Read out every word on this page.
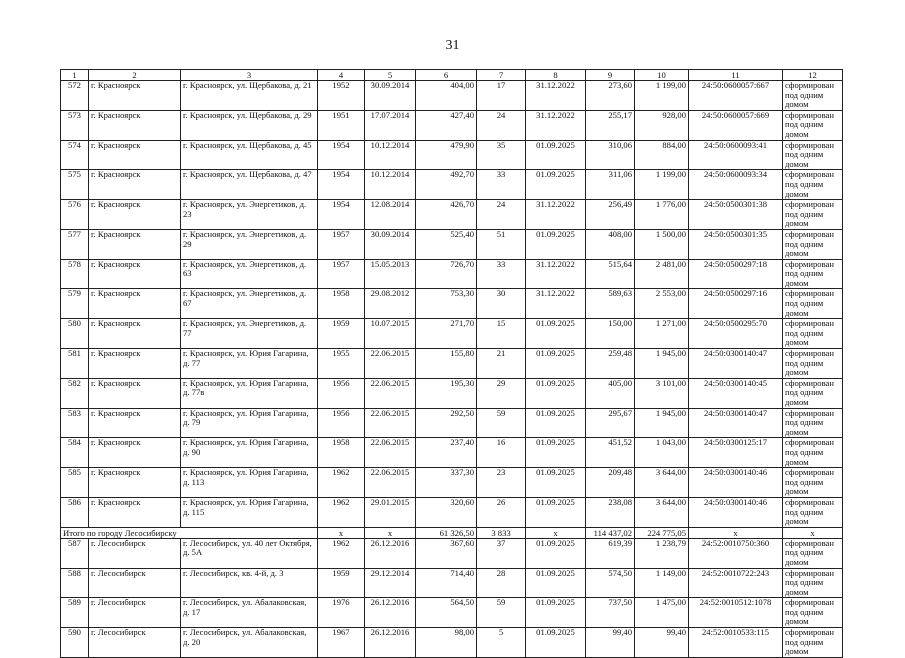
31
1	2	3	4	5	6	7	8	9	10	11	12
572	г. Красноярск	г. Красноярск, ул. Щербакова, д. 21	1952	30.09.2014	404,00	17	31.12.2022	273,60	1 199,00	24:50:0600057:667	сформирован под одним домом
573	г. Красноярск	г. Красноярск, ул. Щербакова, д. 29	1951	17.07.2014	427,40	24	31.12.2022	255,17	928,00	24:50:0600057:669	сформирован под одним домом
574	г. Красноярск	г. Красноярск, ул. Щербакова, д. 45	1954	10.12.2014	479,90	35	01.09.2025	310,06	884,00	24:50:0600093:41	сформирован под одним домом
575	г. Красноярск	г. Красноярск, ул. Щербакова, д. 47	1954	10.12.2014	492,70	33	01.09.2025	311,06	1 199,00	24:50:0600093:34	сформирован под одним домом
576	г. Красноярск	г. Красноярск, ул. Энергетиков, д. 23	1954	12.08.2014	426,70	24	31.12.2022	256,49	1 776,00	24:50:0500301:38	сформирован под одним домом
577	г. Красноярск	г. Красноярск, ул. Энергетиков, д. 29	1957	30.09.2014	525,40	51	01.09.2025	408,00	1 500,00	24:50:0500301:35	сформирован под одним домом
578	г. Красноярск	г. Красноярск, ул. Энергетиков, д. 63	1957	15.05.2013	726,70	33	31.12.2022	515,64	2 481,00	24:50:0500297:18	сформирован под одним домом
579	г. Красноярск	г. Красноярск, ул. Энергетиков, д. 67	1958	29.08.2012	753,30	30	31.12.2022	589,63	2 553,00	24:50:0500297:16	сформирован под одним домом
580	г. Красноярск	г. Красноярск, ул. Энергетиков, д. 77	1959	10.07.2015	271,70	15	01.09.2025	150,00	1 271,00	24:50:0500295:70	сформирован под одним домом
581	г. Красноярск	г. Красноярск, ул. Юрия Гагарина, д. 77	1955	22.06.2015	155,80	21	01.09.2025	259,48	1 945,00	24:50:0300140:47	сформирован под одним домом
582	г. Красноярск	г. Красноярск, ул. Юрия Гагарина, д. 77в	1956	22.06.2015	195,30	29	01.09.2025	405,00	3 101,00	24:50:0300140:45	сформирован под одним домом
583	г. Красноярск	г. Красноярск, ул. Юрия Гагарина, д. 79	1956	22.06.2015	292,50	59	01.09.2025	295,67	1 945,00	24:50:0300140:47	сформирован под одним домом
584	г. Красноярск	г. Красноярск, ул. Юрия Гагарина, д. 90	1958	22.06.2015	237,40	16	01.09.2025	451,52	1 043,00	24:50:0300125:17	сформирован под одним домом
585	г. Красноярск	г. Красноярск, ул. Юрия Гагарина, д. 113	1962	22.06.2015	337,30	23	01.09.2025	209,48	3 644,00	24:50:0300140:46	сформирован под одним домом
586	г. Красноярск	г. Красноярск, ул. Юрия Гагарина, д. 115	1962	29.01.2015	320,60	26	01.09.2025	238,08	3 644,00	24:50:0300140:46	сформирован под одним домом
Итого по городу Лесосибирску			x	x	61 326,50	3 833	x	114 437,02	224 775,05	x	x
587	г. Лесосибирск	г. Лесосибирск, ул. 40 лет Октября, д. 5А	1962	26.12.2016	367,60	37	01.09.2025	619,39	1 238,79	24:52:0010750:360	сформирован под одним домом
588	г. Лесосибирск	г. Лесосибирск, кв. 4-й, д. 3	1959	29.12.2014	714,40	28	01.09.2025	574,50	1 149,00	24:52:0010722:243	сформирован под одним домом
589	г. Лесосибирск	г. Лесосибирск, ул. Абалаковская, д. 17	1976	26.12.2016	564,50	59	01.09.2025	737,50	1 475,00	24:52:0010512:1078	сформирован под одним домом
590	г. Лесосибирск	г. Лесосибирск, ул. Абалаковская, д. 20	1967	26.12.2016	98,00	5	01.09.2025	99,40	99,40	24:52:0010533:115	сформирован под одним домом
